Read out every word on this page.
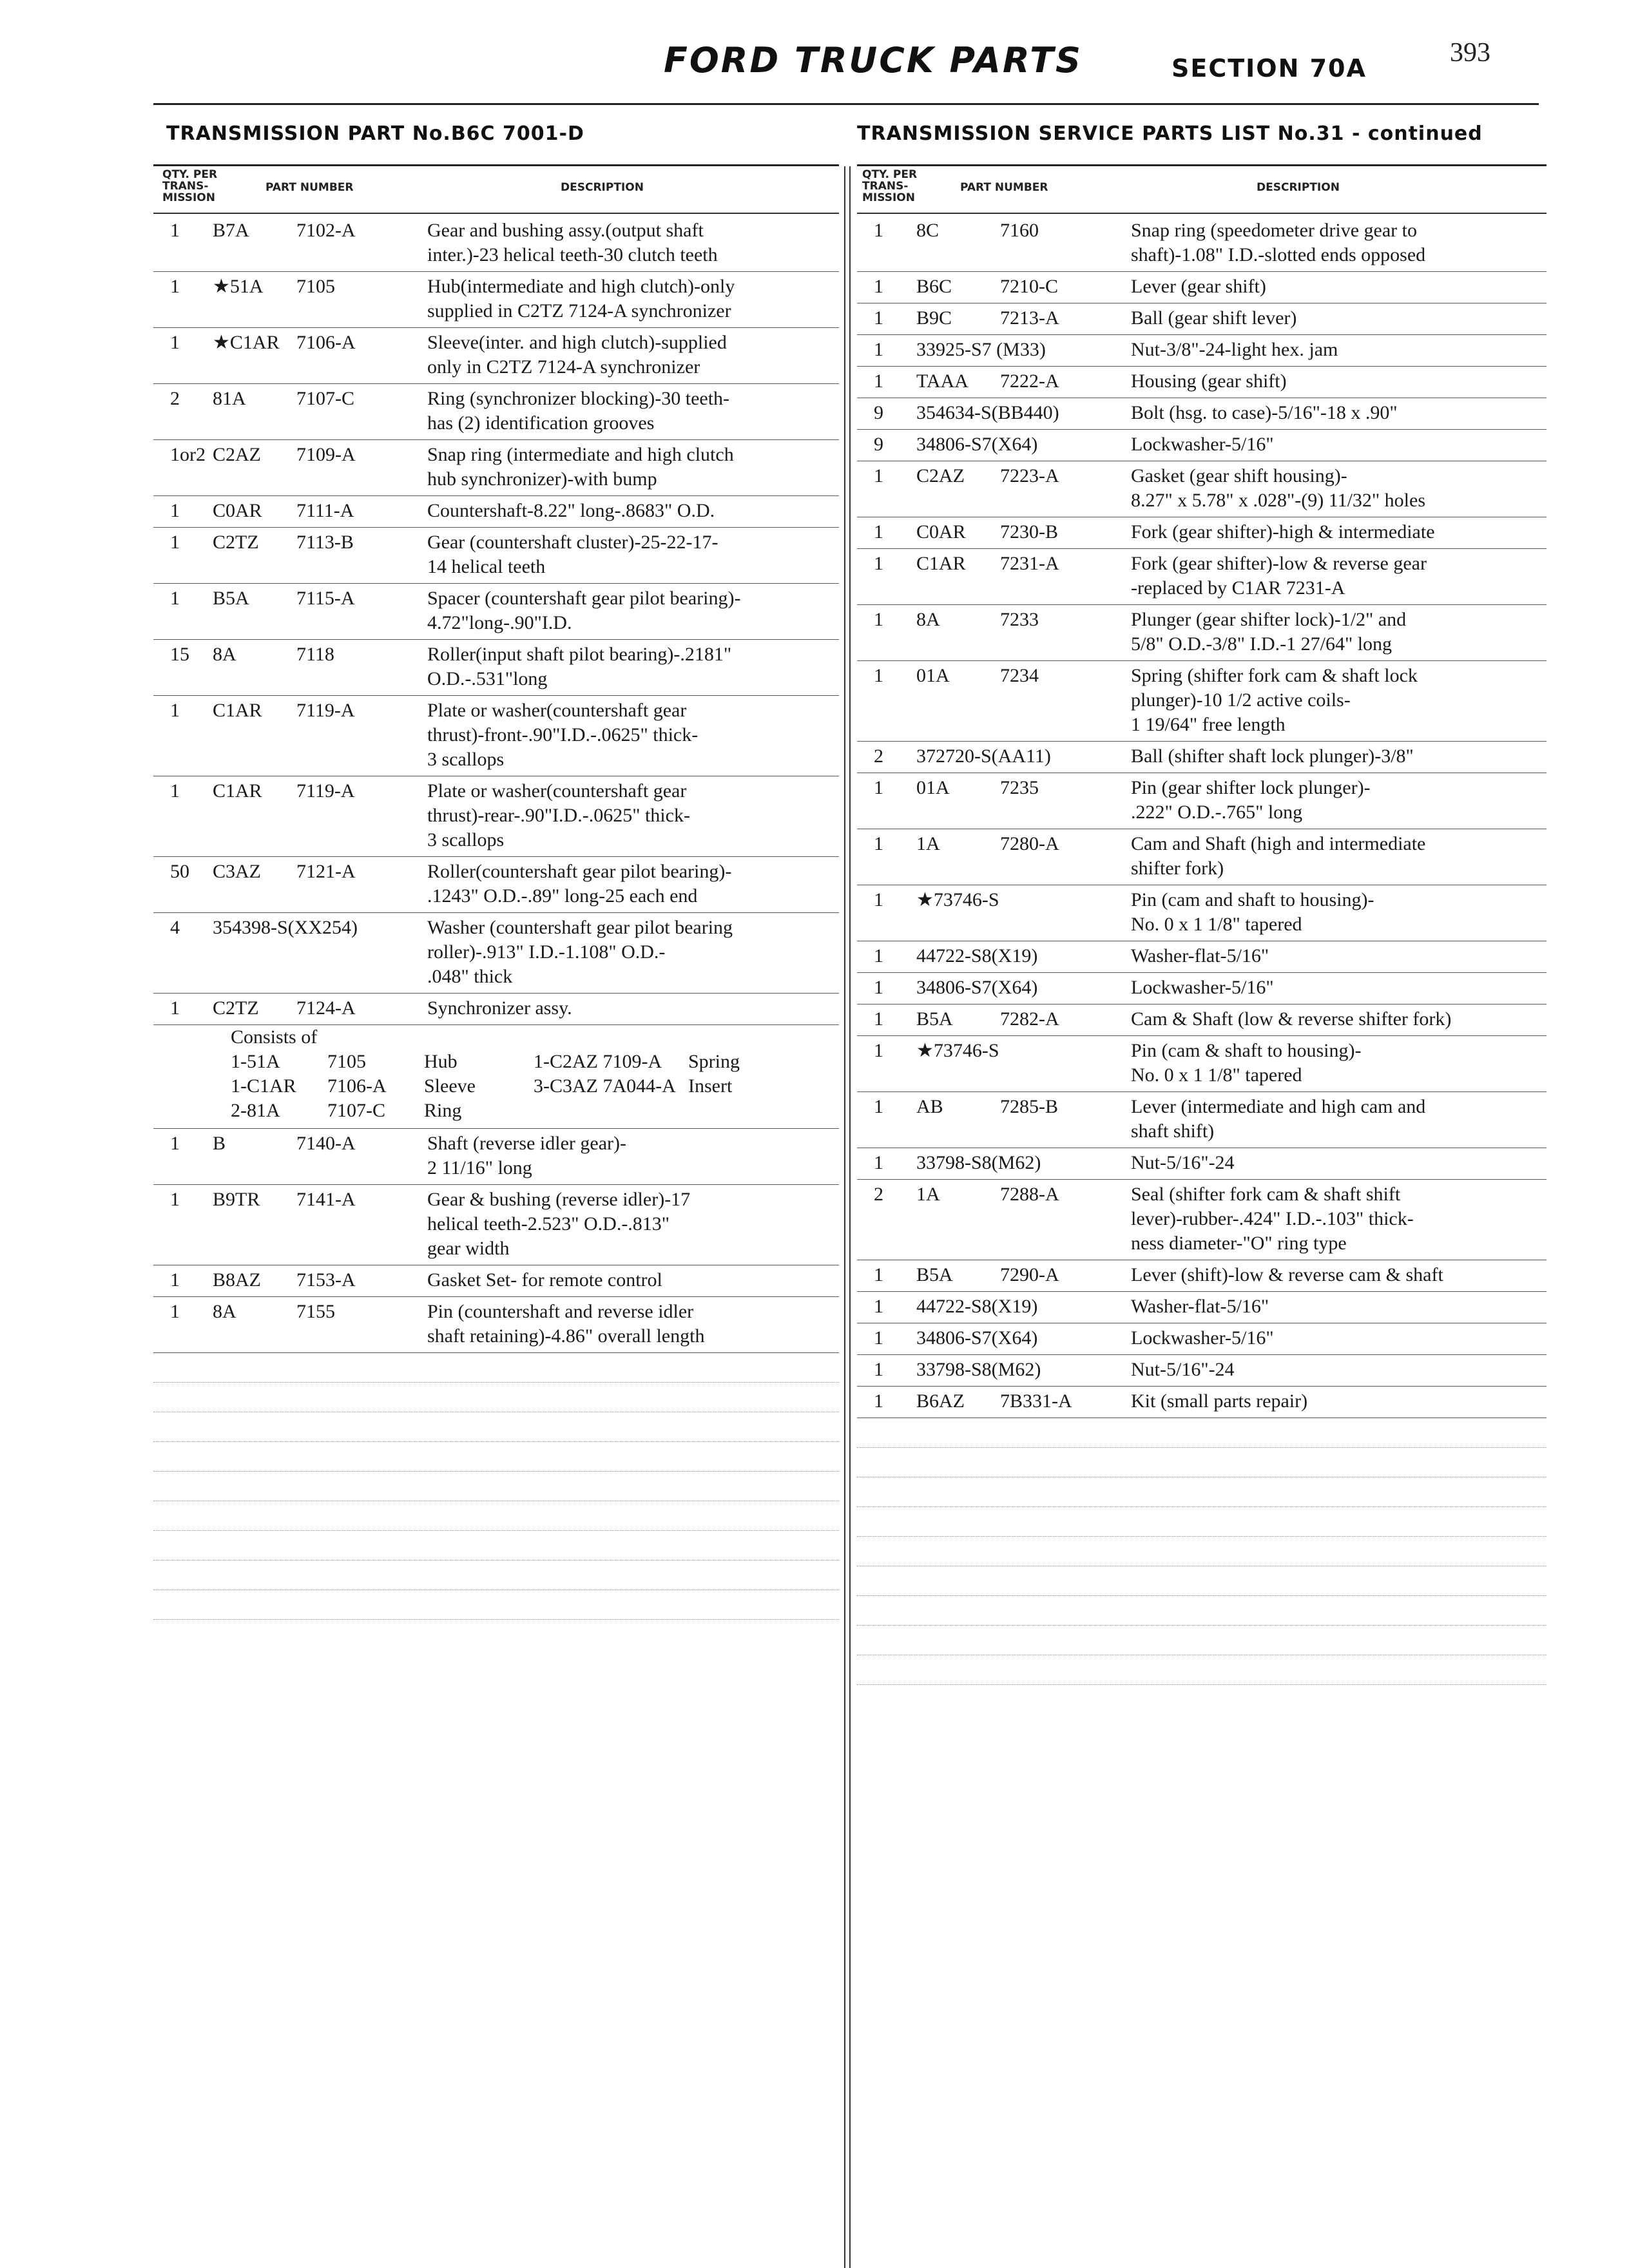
FORD TRUCK PARTS	SECTION 70A
393
TRANSMISSION PART No.B6C 7001-D	TRANSMISSION SERVICE PARTS LIST No.31 - continued
QTY. PER TRANS- MISSION
PART NUMBER	DESCRIPTION
QTY. PER TRANS- MISSION
PART NUMBER	DESCRIPTION
1 B7A 7102-A	Gear and bushing assy.(output shaft
inter.)-23 helical teeth-30 clutch teeth
1 ★51A 7105	Hub(intermediate and high clutch)-only
supplied in C2TZ 7124-A synchronizer
1 ★C1AR 7106-A	Sleeve(inter. and high clutch)-supplied
only in C2TZ 7124-A synchronizer
2 81A	7107-C	Ring (synchronizer blocking)-30 teeth-
has (2) identification grooves
1or2 C2AZ 7109-A	Snap ring (intermediate and high clutch
hub synchronizer)-with bump
1 C0AR 7111-A	Countershaft-8.22" long-.8683" O.D.
1 C2TZ 7113-B	Gear (countershaft cluster)-25-22-17-
14 helical teeth
1 B5A 7115-A	Spacer (countershaft gear pilot bearing)-
4.72"long-.90"I.D.
15 8A	7118	Roller(input shaft pilot bearing)-.2181"
O.D.-.531"long
1 C1AR 7119-A	Plate or washer(countershaft gear
thrust)-front-.90"I.D.-.0625" thick-
3 scallops
1 C1AR 7119-A	Plate or washer(countershaft gear
thrust)-rear-.90"I.D.-.0625" thick-
3 scallops
50 C3AZ 7121-A	Roller(countershaft gear pilot bearing)-
.1243" O.D.-.89" long-25 each end
4 354398-S(XX254)	Washer (countershaft gear pilot bearing
roller)-.913" I.D.-1.108" O.D.-
.048" thick
1 C2TZ 7124-A	Synchronizer assy.
Consists of
1-51A	7105	Hub	1-C2AZ 7109-A	Spring
1-C1AR	7106-A	Sleeve	3-C3AZ 7A044-A Insert
2-81A	7107-C	Ring
1 B	7140-A	Shaft (reverse idler gear)-
2 11/16" long
1 B9TR 7141-A	Gear & bushing (reverse idler)-17
helical teeth-2.523" O.D.-.813"
gear width
1 B8AZ 7153-A	Gasket Set- for remote control
1 8A	7155	Pin (countershaft and reverse idler
shaft retaining)-4.86" overall length
1 8C	7160	Snap ring (speedometer drive gear to
shaft)-1.08" I.D.-slotted ends opposed
1 B6C 7210-C	Lever (gear shift)
1 B9C 7213-A	Ball (gear shift lever)
1 33925-S7 (M33)	Nut-3/8"-24-light hex. jam
1 TAAA 7222-A	Housing (gear shift)
9 354634-S(BB440)	Bolt (hsg. to case)-5/16"-18 x .90"
9 34806-S7(X64)	Lockwasher-5/16"
1 C2AZ 7223-A	Gasket (gear shift housing)-
8.27" x 5.78" x .028"-(9) 11/32" holes
1 C0AR 7230-B	Fork (gear shifter)-high & intermediate
1 C1AR 7231-A	Fork (gear shifter)-low & reverse gear
-replaced by C1AR 7231-A
1 8A	7233	Plunger (gear shifter lock)-1/2" and
5/8" O.D.-3/8" I.D.-1 27/64" long
1 01A	7234	Spring (shifter fork cam & shaft lock
plunger)-10 1/2 active coils-
1 19/64" free length
2 372720-S(AA11)	Ball (shifter shaft lock plunger)-3/8"
1 01A	7235	Pin (gear shifter lock plunger)-
.222" O.D.-.765" long
1 1A	7280-A	Cam and Shaft (high and intermediate
shifter fork)
1 ★73746-S	Pin (cam and shaft to housing)-
No. 0 x 1 1/8" tapered
1 44722-S8(X19)	Washer-flat-5/16"
1 34806-S7(X64)	Lockwasher-5/16"
1 B5A 7282-A	Cam & Shaft (low & reverse shifter fork)
1 ★73746-S	Pin (cam & shaft to housing)-
No. 0 x 1 1/8" tapered
1 AB	7285-B	Lever (intermediate and high cam and
shaft shift)
1 33798-S8(M62)	Nut-5/16"-24
2 1A	7288-A	Seal (shifter fork cam & shaft shift
lever)-rubber-.424" I.D.-.103" thick-
ness diameter-"O" ring type
1 B5A 7290-A	Lever (shift)-low & reverse cam & shaft
1 44722-S8(X19)	Washer-flat-5/16"
1 34806-S7(X64)	Lockwasher-5/16"
1 33798-S8(M62)	Nut-5/16"-24
1 B6AZ 7B331-A	Kit (small parts repair)
